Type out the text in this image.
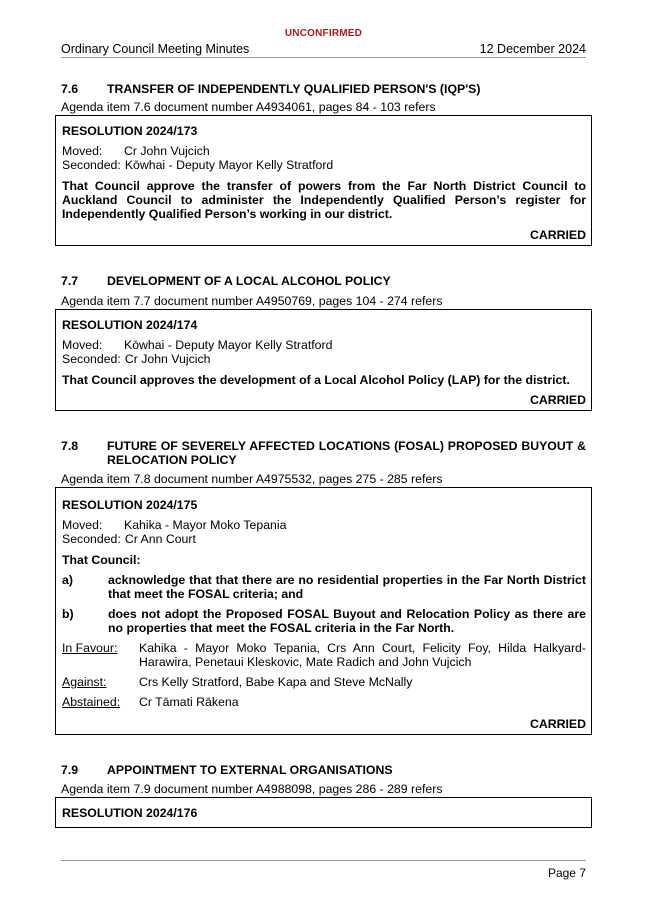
UNCONFIRMED
Ordinary Council Meeting Minutes	12 December 2024
7.6	TRANSFER OF INDEPENDENTLY QUALIFIED PERSON'S (IQP'S)
Agenda item 7.6 document number A4934061, pages 84 - 103 refers
RESOLUTION 2024/173
Moved:	Cr John Vujcich
Seconded: Kōwhai - Deputy Mayor Kelly Stratford
That Council approve the transfer of powers from the Far North District Council to Auckland Council to administer the Independently Qualified Person’s register for Independently Qualified Person’s working in our district.
CARRIED
7.7	DEVELOPMENT OF A LOCAL ALCOHOL POLICY
Agenda item 7.7 document number A4950769, pages 104 - 274 refers
RESOLUTION 2024/174
Moved:	Kōwhai - Deputy Mayor Kelly Stratford
Seconded: Cr John Vujcich
That Council approves the development of a Local Alcohol Policy (LAP) for the district.
CARRIED
7.8	FUTURE OF SEVERELY AFFECTED LOCATIONS (FOSAL) PROPOSED BUYOUT & RELOCATION POLICY
Agenda item 7.8 document number A4975532, pages 275 - 285 refers
RESOLUTION 2024/175
Moved:	Kahika - Mayor Moko Tepania
Seconded: Cr Ann Court
That Council:
a)	acknowledge that that there are no residential properties in the Far North District that meet the FOSAL criteria; and
b)	does not adopt the Proposed FOSAL Buyout and Relocation Policy as there are no properties that meet the FOSAL criteria in the Far North.
In Favour:	Kahika - Mayor Moko Tepania, Crs Ann Court, Felicity Foy, Hilda Halkyard-Harawira, Penetaui Kleskovic, Mate Radich and John Vujcich
Against:	Crs Kelly Stratford, Babe Kapa and Steve McNally
Abstained:	Cr Tāmati Rākena
CARRIED
7.9	APPOINTMENT TO EXTERNAL ORGANISATIONS
Agenda item 7.9 document number A4988098, pages 286 - 289 refers
RESOLUTION 2024/176
Page 7
